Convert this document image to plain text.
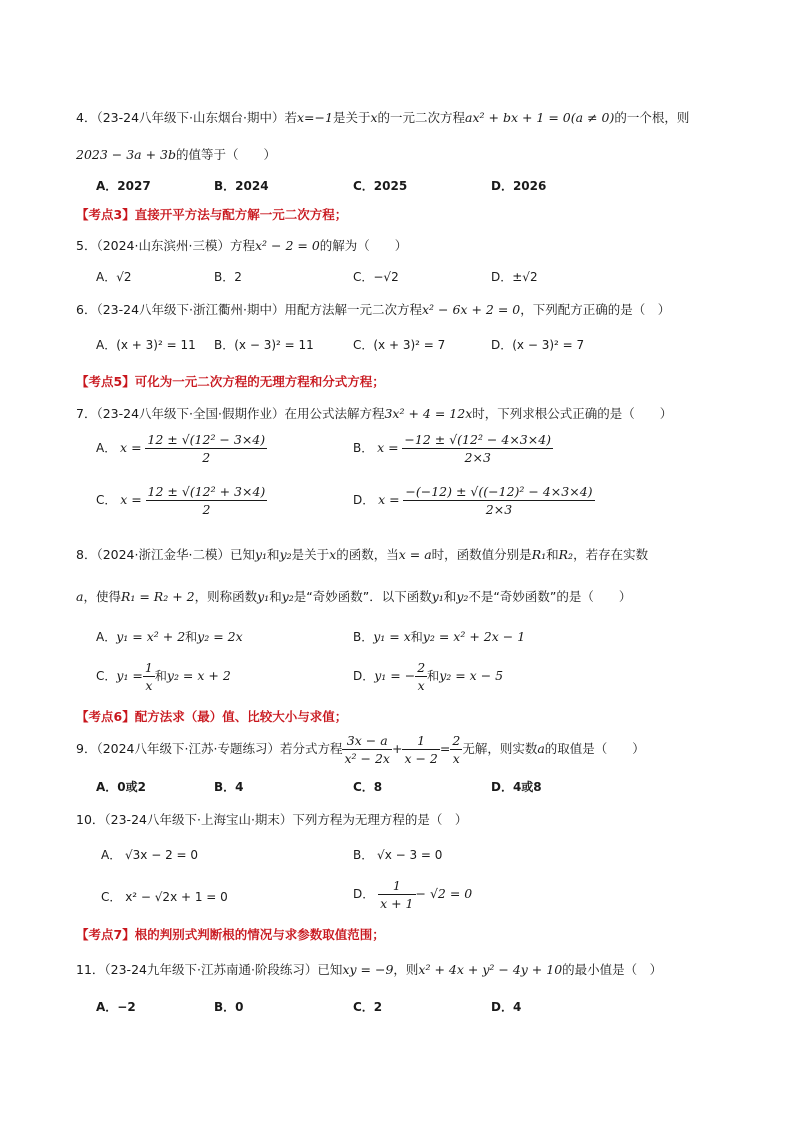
4．（23-24八年级下·山东烟台·期中）若x=−1是关于x的一元二次方程ax² + bx + 1 = 0(a ≠ 0)的一个根，则
2023 − 3a + 3b的值等于（　　）
A．2027	B．2024	C．2025	D．2026
【考点3】直接开平方法与配方解一元二次方程；
5．（2024·山东滨州·三模）方程x² − 2 = 0的解为（　　）
A．√2	B．2	C．−√2	D．±√2
6．（23-24八年级下·浙江衢州·期中）用配方法解一元二次方程x² − 6x + 2 = 0，下列配方正确的是（　）
A．(x + 3)² = 11 B．(x − 3)² = 11	C．(x + 3)² = 7	D．(x − 3)² = 7
【考点5】可化为一元二次方程的无理方程和分式方程；
7．（23-24八年级下·全国·假期作业）在用公式法解方程3x² + 4 = 12x时，下列求根公式正确的是（　　）
A． $x = \frac{\text{12 ± √(12² − 3×4)}}{2}$	B． $x = \frac{\text{−12 ± √(12² − 4×3×4)}}{2\times 3}$
C． $x = \frac{\text{12 ± √(12² + 3×4)}}{2}$	D． $x = \frac{\text{−(−12) ± √((−12)² − 4×3×4)}}{2\times 3}$
8．（2024·浙江金华·二模）已知y₁和y₂是关于x的函数，当x = a时，函数值分别是R₁和R₂，若存在实数
a，使得R₁ = R₂ + 2，则称函数y₁和y₂是“奇妙函数”．以下函数y₁和y₂不是“奇妙函数”的是（　　）
A．y₁ = x² + 2和y₂ = 2x	B．y₁ = x和y₂ = x² + 2x − 1
C．$y_1 = \frac{1}{x}$ 和y₂ = x + 2	D．y₁ = − $\frac{2}{x}$ 和y₂ = x − 5
【考点6】配方法求（最）值、比较大小与求值；
9．（2024八年级下·江苏·专题练习）若分式方程 $\frac{3x - a}{\text{x² − 2x}} + \frac{1}{x - 2} = \frac{2}{x}$ 无解，则实数a的取值是（　　）
A．0或2	B．4	C．8	D．4或8
10．（23-24八年级下·上海宝山·期末）下列方程为无理方程的是（　）
A． √3x − 2 = 0	B． √x − 3 = 0
C． x² − √2x + 1 = 0	D． $\frac{1}{x + 1} - √2 = 0$
【考点7】根的判别式判断根的情况与求参数取值范围；
11．（23-24九年级下·江苏南通·阶段练习）已知xy = −9，则x² + 4x + y² − 4y + 10的最小值是（　）
A．−2	B．0	C．2	D．4
